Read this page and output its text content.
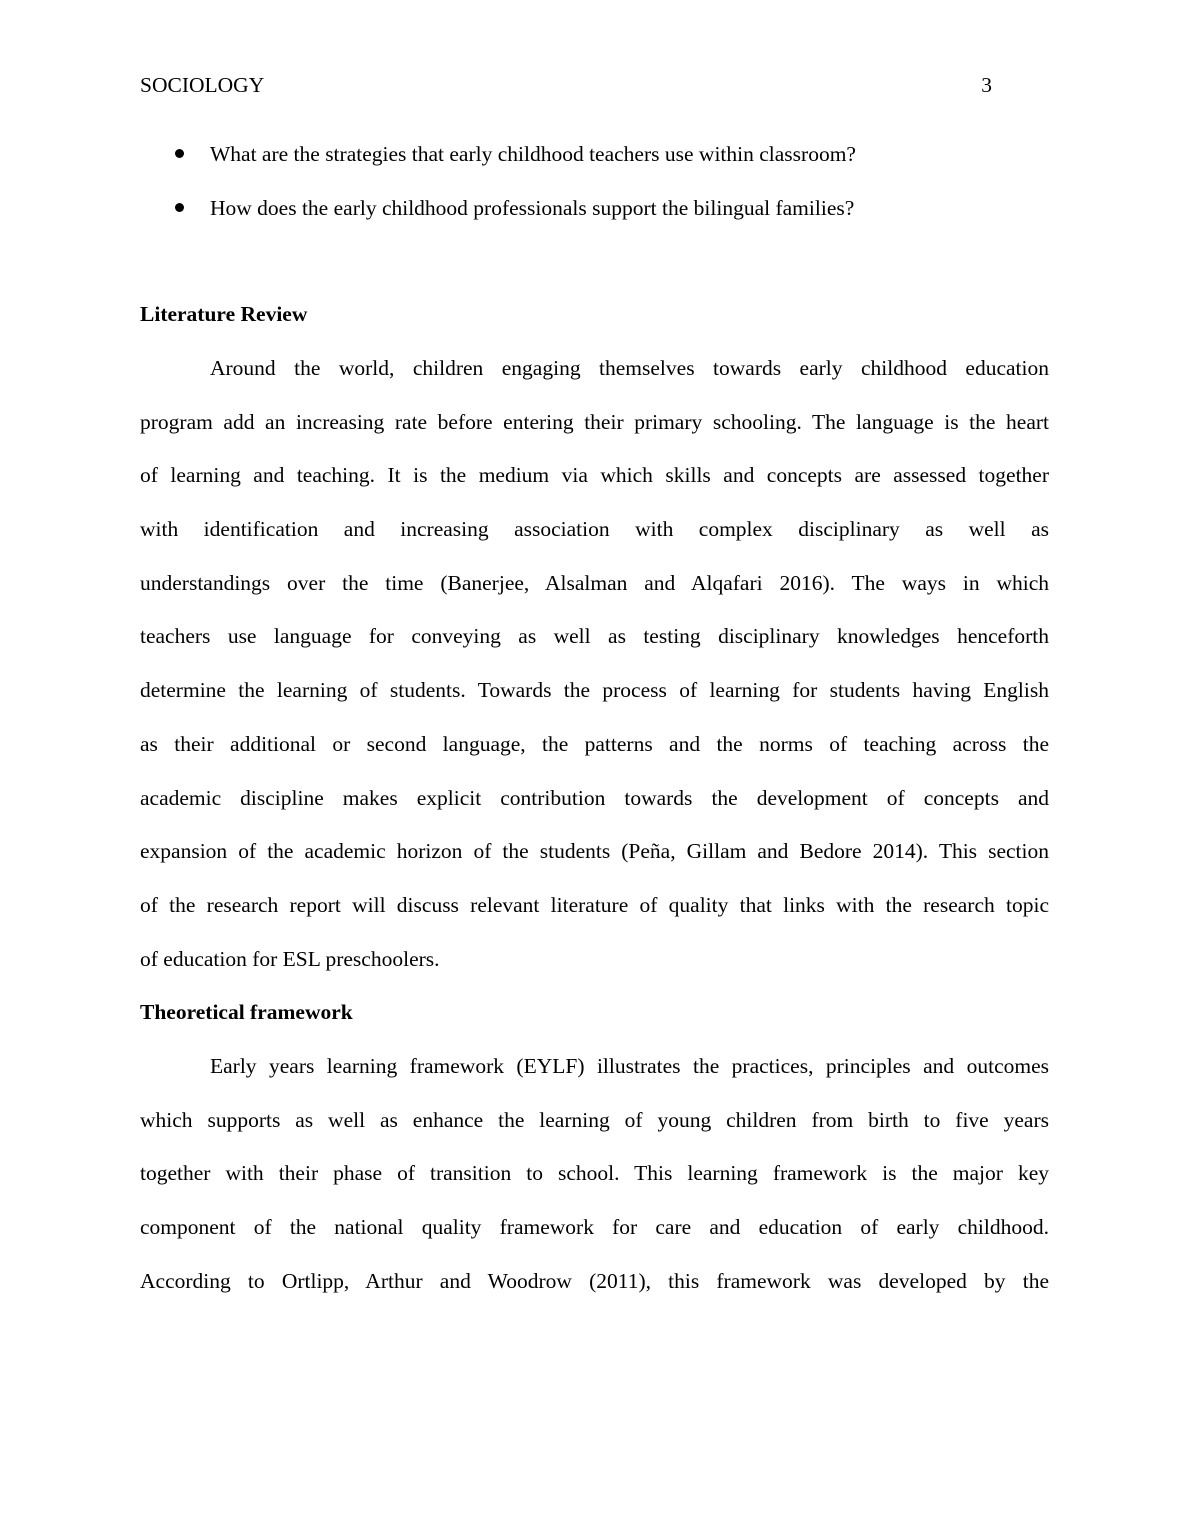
SOCIOLOGY	3
What are the strategies that early childhood teachers use within classroom?
How does the early childhood professionals support the bilingual families?
Literature Review
Around the world, children engaging themselves towards early childhood education
program add an increasing rate before entering their primary schooling. The language is the heart
of learning and teaching. It is the medium via which skills and concepts are assessed together
with identification and increasing association with complex disciplinary as well as
understandings over the time (Banerjee, Alsalman and Alqafari 2016). The ways in which
teachers use language for conveying as well as testing disciplinary knowledges henceforth
determine the learning of students. Towards the process of learning for students having English
as their additional or second language, the patterns and the norms of teaching across the
academic discipline makes explicit contribution towards the development of concepts and
expansion of the academic horizon of the students (Peña, Gillam and Bedore 2014). This section
of the research report will discuss relevant literature of quality that links with the research topic
of education for ESL preschoolers.
Theoretical framework
Early years learning framework (EYLF) illustrates the practices, principles and outcomes
which supports as well as enhance the learning of young children from birth to five years
together with their phase of transition to school. This learning framework is the major key
component of the national quality framework for care and education of early childhood.
According to Ortlipp, Arthur and Woodrow (2011), this framework was developed by the
